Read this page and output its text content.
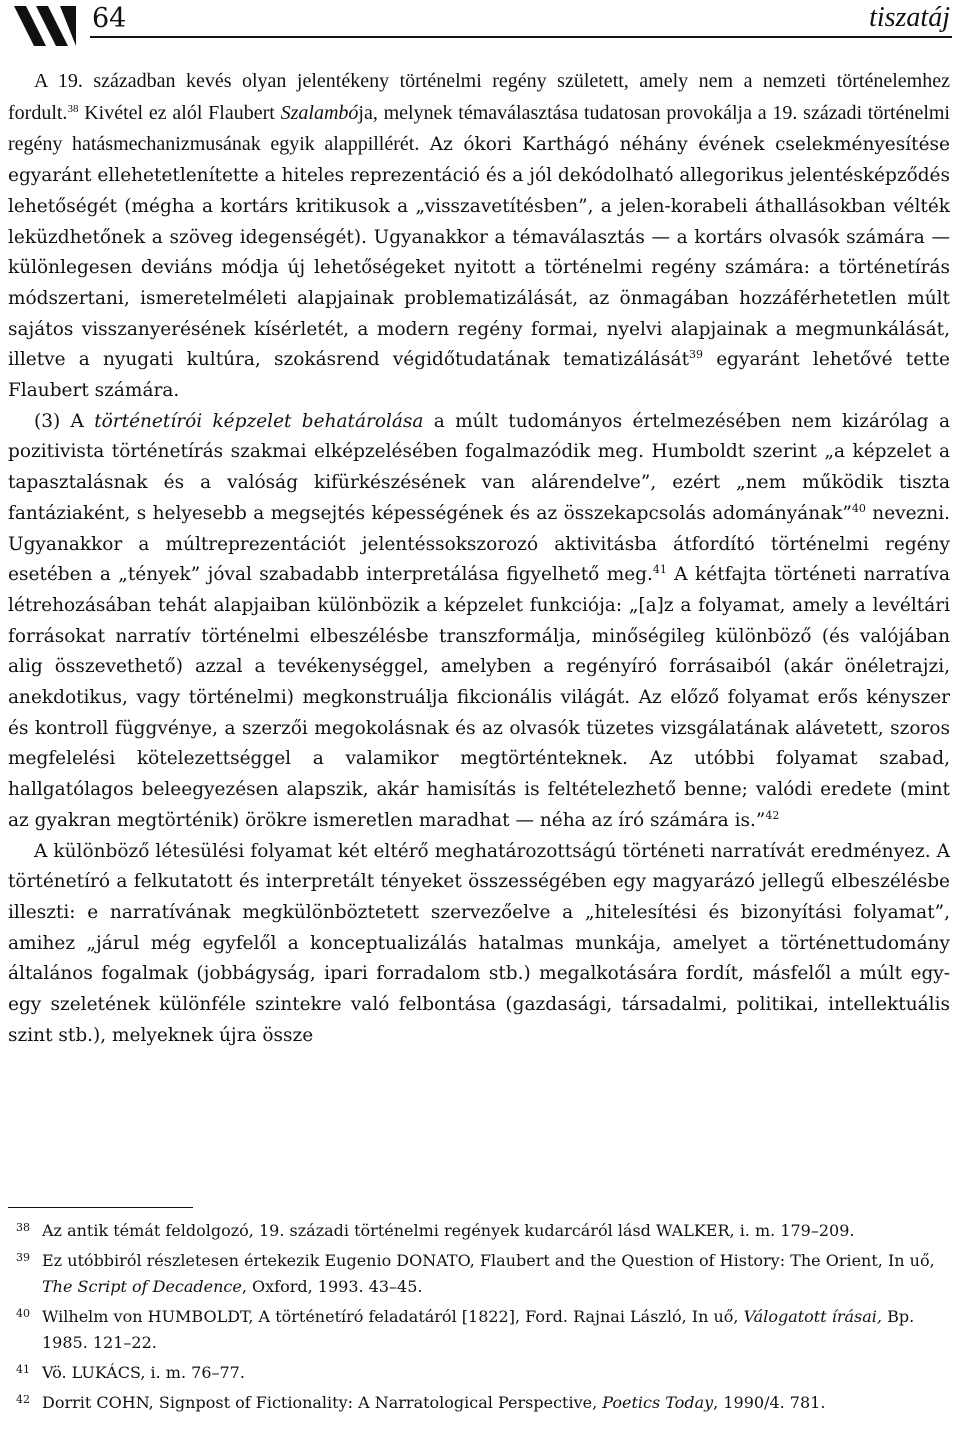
64	tiszatáj

A 19. században kevés olyan jelentékeny történelmi regény született, amely nem a nemzeti történelemhez fordult.$^{38}$ Kivétel ez alól Flaubert Szalambója, melynek témaválasztása tudatosan provokálja a 19. századi történelmi regény hatásmechanizmusának egyik alappillérét. Az ókori Karthágó néhány évének cselekményesítése egyaránt ellehetetlenítette a hiteles reprezentáció és a jól dekódolható allegorikus jelentésképződés lehetőségét (mégha a kortárs kritikusok a „visszavetítésben”, a jelen-korabeli áthallásokban vélték leküzdhetőnek a szöveg idegenségét). Ugyanakkor a témaválasztás — a kortárs olvasók számára — különlegesen deviáns módja új lehetőségeket nyitott a történelmi regény számára: a történetírás módszertani, ismeretelméleti alapjainak problematizálását, az önmagában hozzáférhetetlen múlt sajátos visszanyerésének kísérletét, a modern regény formai, nyelvi alapjainak a megmunkálását, illetve a nyugati kultúra, szokásrend végidőtudatának tematizálását$^{39}$ egyaránt lehetővé tette Flaubert számára.

(3) A történetírói képzelet behatárolása a múlt tudományos értelmezésében nem kizárólag a pozitivista történetírás szakmai elképzelésében fogalmazódik meg. Humboldt szerint „a képzelet a tapasztalásnak és a valóság kifürkészésének van alárendelve”, ezért „nem működik tiszta fantáziaként, s helyesebb a megsejtés képességének és az összekapcsolás adományának”$^{40}$ nevezni. Ugyanakkor a múltreprezentációt jelentéssokszorozó aktivitásba átfordító történelmi regény esetében a „tények” jóval szabadabb interpretálása figyelhető meg.$^{41}$ A kétfajta történeti narratíva létrehozásában tehát alapjaiban különbözik a képzelet funkciója: „[a]z a folyamat, amely a levéltári forrásokat narratív történelmi elbeszélésbe transzformálja, minőségileg különböző (és valójában alig összevethető) azzal a tevékenységgel, amelyben a regényíró forrásaiból (akár önéletrajzi, anekdotikus, vagy történelmi) megkonstruálja fikcionális világát. Az előző folyamat erős kényszer és kontroll függvénye, a szerzői megokolásnak és az olvasók tüzetes vizsgálatának alávetett, szoros megfelelési kötelezettséggel a valamikor megtörténteknek. Az utóbbi folyamat szabad, hallgatólagos beleegyezésen alapszik, akár hamisítás is feltételezhető benne; valódi eredete (mint az gyakran megtörténik) örökre ismeretlen maradhat — néha az író számára is.”$^{42}$

A különböző létesülési folyamat két eltérő meghatározottságú történeti narratívát eredményez. A történetíró a felkutatott és interpretált tényeket összességében egy magyarázó jellegű elbeszélésbe illeszti: e narratívának megkülönböztetett szervezőelve a „hitelesítési és bizonyítási folyamat”, amihez „járul még egyfelől a konceptualizálás hatalmas munkája, amelyet a történettudomány általános fogalmak (jobbágyság, ipari forradalom stb.) megalkotására fordít, másfelől a múlt egy-egy szeletének különféle szintekre való felbontása (gazdasági, társadalmi, politikai, intellektuális szint stb.), melyeknek újra össze

38 Az antik témát feldolgozó, 19. századi történelmi regények kudarcáról lásd WALKER, i. m. 179–209.
39 Ez utóbbiról részletesen értekezik Eugenio DONATO, Flaubert and the Question of History: The Orient, In uő, The Script of Decadence, Oxford, 1993. 43–45.
40 Wilhelm von HUMBOLDT, A történetíró feladatáról [1822], Ford. Rajnai László, In uő, Válogatott írásai, Bp. 1985. 121–22.
41 Vö. LUKÁCS, i. m. 76–77.
42 Dorrit COHN, Signpost of Fictionality: A Narratological Perspective, Poetics Today, 1990/4. 781.
